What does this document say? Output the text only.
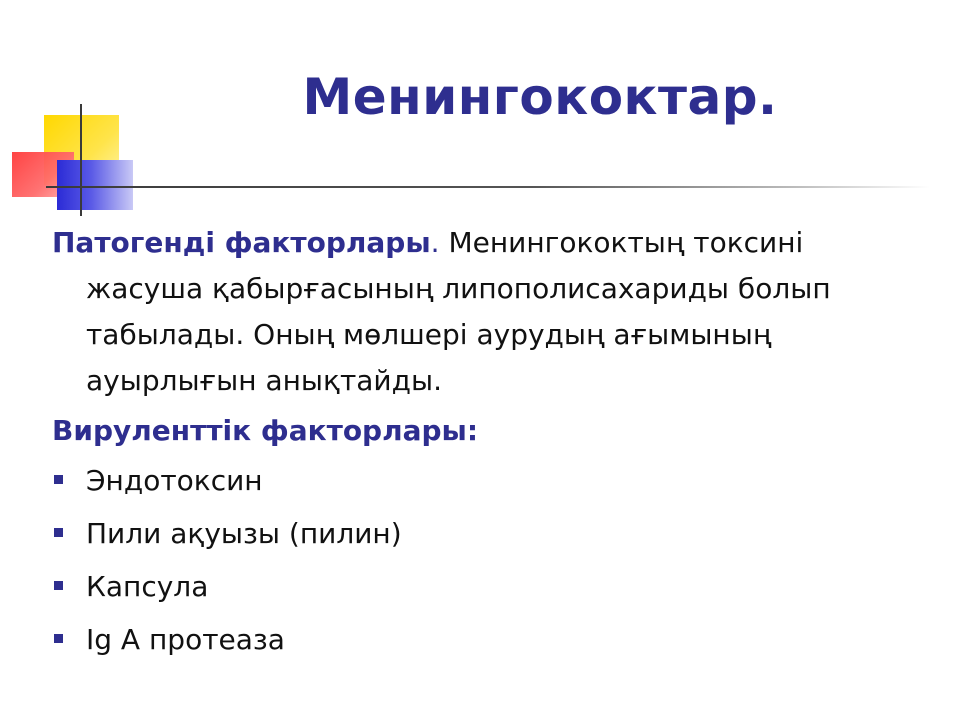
Менингококтар.

Патогенді факторлары. Менингококтың токсині жасуша қабырғасының липополисахариды болып табылады. Оның мөлшері аурудың ағымының ауырлығын анықтайды.

Вируленттік факторлары:

Эндотоксин
Пили ақуызы (пилин)
Капсула
Ig A протеаза
